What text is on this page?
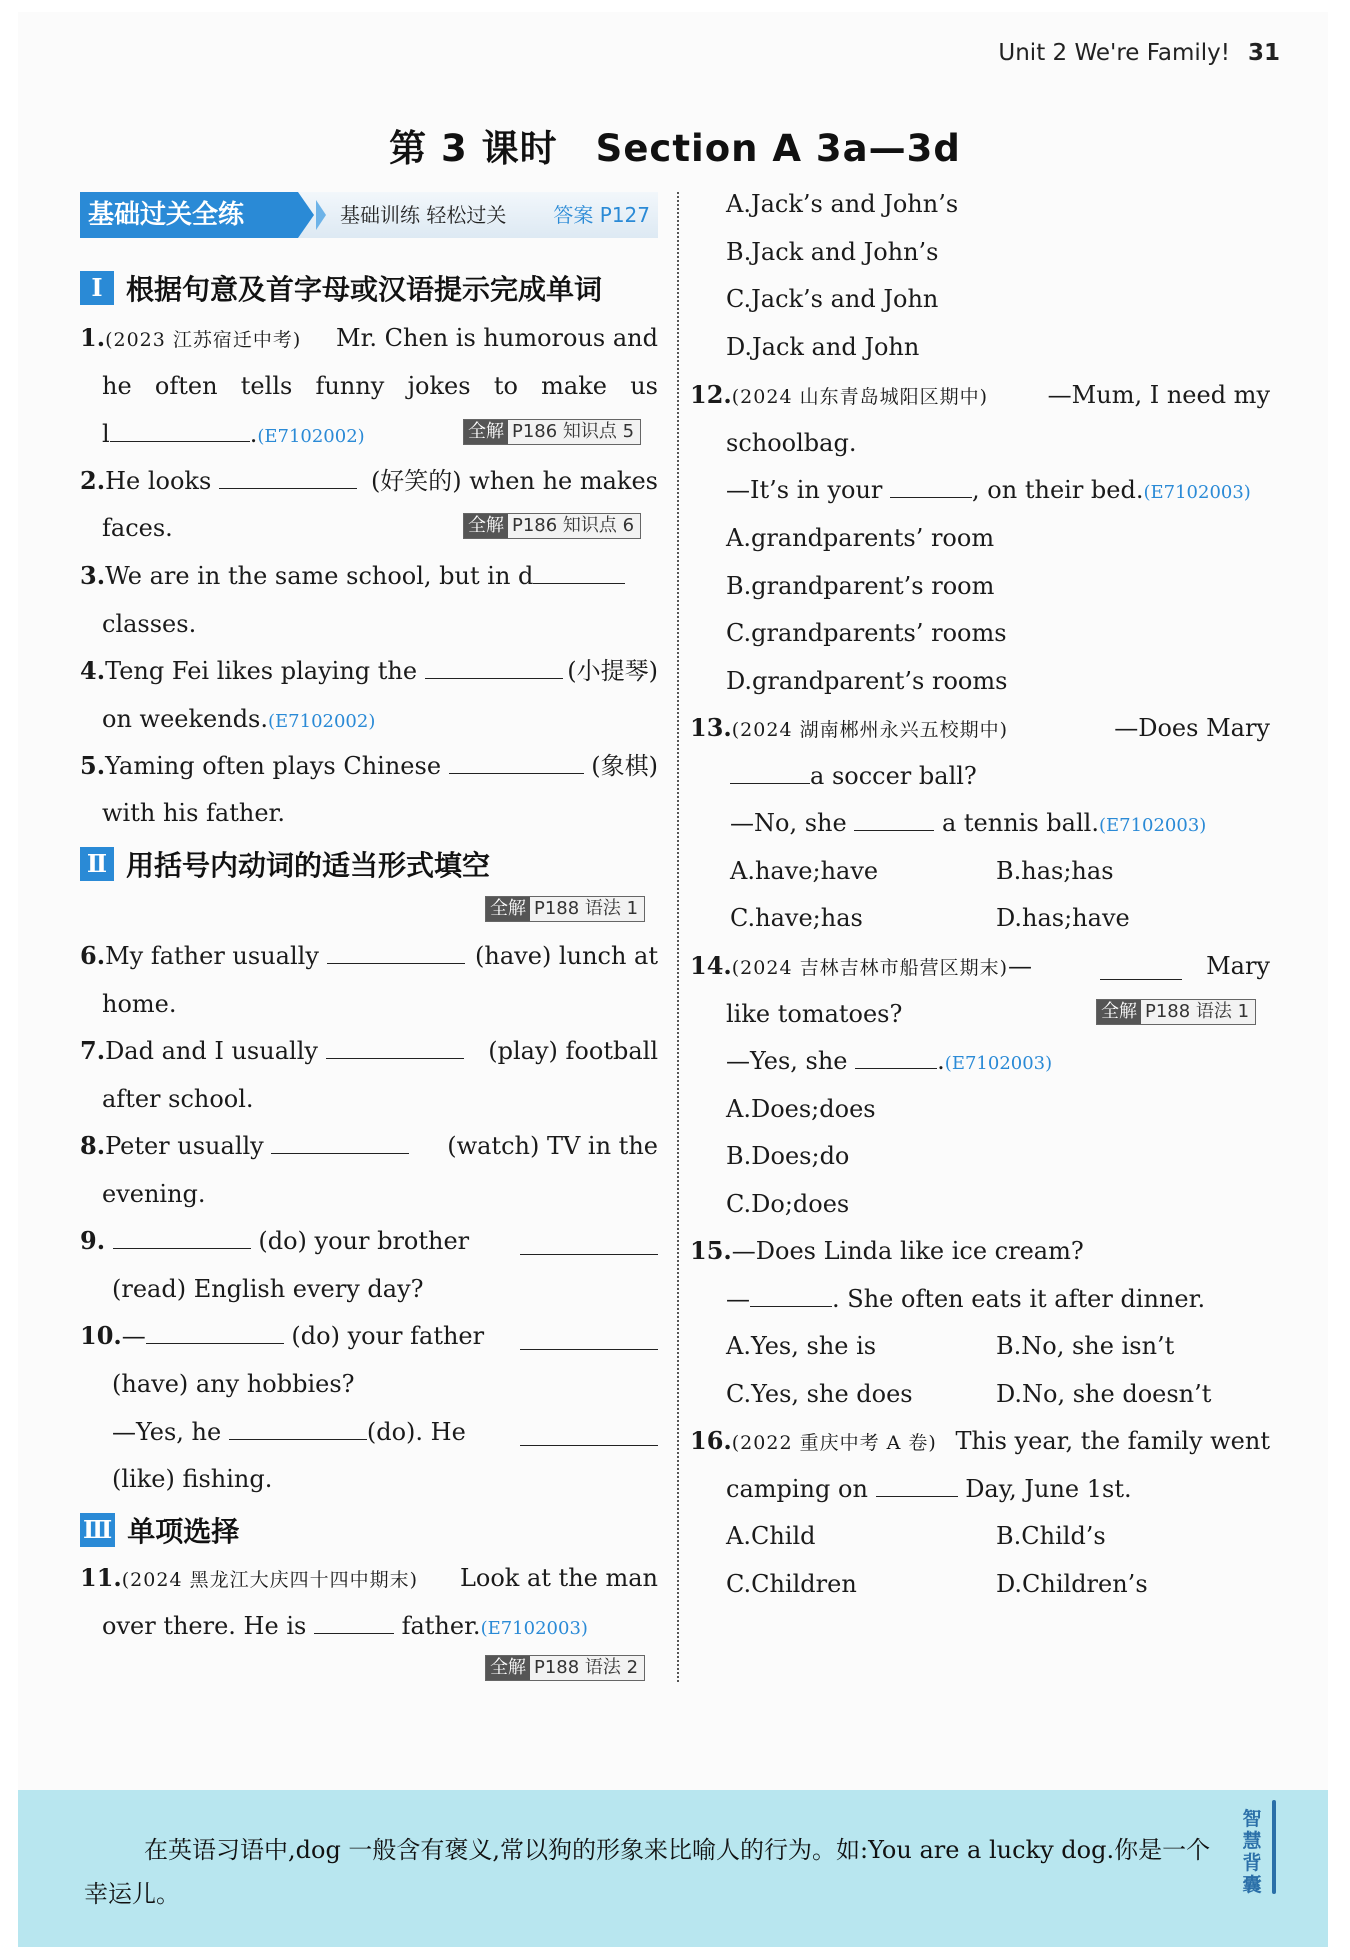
Unit 2 We're Family! 31
第 3 课时 Section A 3a—3d
基础过关全练	基础训练 轻松过关 答案 P127
Ⅰ 根据句意及首字母或汉语提示完成单词
1.(2023 江苏宿迁中考) Mr. Chen is humorous and
he often tells funny jokes to make us
l	.(E7102002)	全解 P186 知识点 5
2.He looks	(好笑的) when he makes
faces.	全解 P186 知识点 6
3.We are in the same school, but in d
classes.
4.Teng Fei likes playing the	(小提琴)
on weekends.(E7102002)
5.Yaming often plays Chinese	(象棋)
with his father.
Ⅱ 用括号内动词的适当形式填空
全解 P188 语法 1
6.My father usually	(have) lunch at
home.
7.Dad and I usually	(play) football
after school.
8.Peter usually	(watch) TV in the
evening.
9.	(do) your brother
(read) English every day?
10.—	(do) your father
(have) any hobbies?
—Yes, he	(do). He
(like) fishing.
Ⅲ 单项选择
11.(2024 黑龙江大庆四十四中期末) Look at the man
over there. He is	father.(E7102003)
全解 P188 语法 2
A.Jack’s and John’s
B.Jack and John’s
C.Jack’s and John
D.Jack and John
12.(2024 山东青岛城阳区期中) —Mum, I need my
schoolbag.
—It’s in your	, on their bed.(E7102003)
A.grandparents’ room
B.grandparent’s room
C.grandparents’ rooms
D.grandparent’s rooms
13.(2024 湖南郴州永兴五校期中)	—Does Mary
a soccer ball?
—No, she	a tennis ball.(E7102003)
A.have;have	B.has;has
C.have;has	D.has;have
14.(2024 吉林吉林市船营区期末)—	Mary
like tomatoes?	全解 P188 语法 1
—Yes, she	.(E7102003)
A.Does;does
B.Does;do
C.Do;does
15.—Does Linda like ice cream?
—	. She often eats it after dinner.
A.Yes, she is	B.No, she isn’t
C.Yes, she does	D.No, she doesn’t
16.(2022 重庆中考 A 卷) This year, the family went
camping on	Day, June 1st.
A.Child	B.Child’s
C.Children	D.Children’s
在英语习语中,dog 一般含有褒义,常以狗的形象来比喻人的行为。如:You are a lucky dog.你是一个幸运儿。
智慧背囊
